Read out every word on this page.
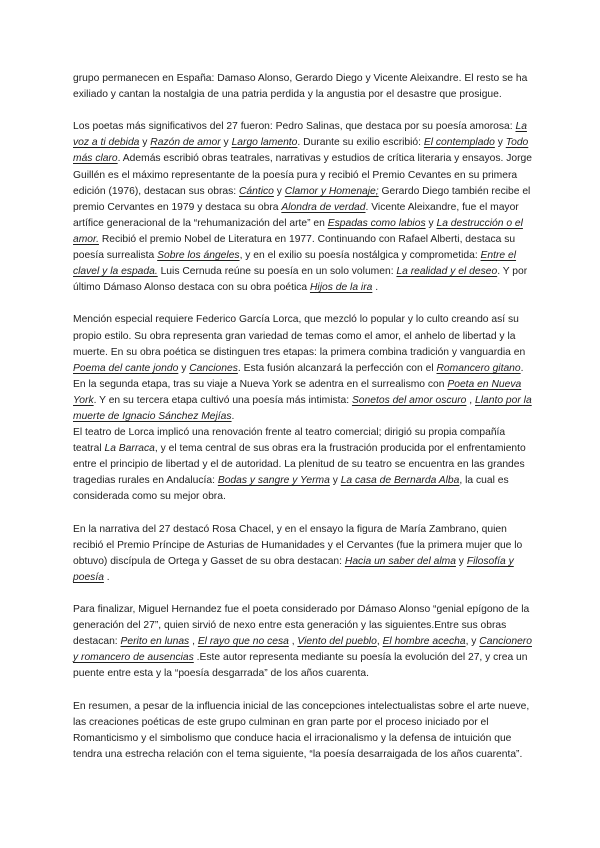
grupo permanecen en España: Damaso Alonso, Gerardo Diego y Vicente Aleixandre. El resto se ha exiliado y cantan la nostalgia de una patria perdida y la angustia por el desastre que prosigue.

Los poetas más significativos del 27 fueron: Pedro Salinas, que destaca por su poesía amorosa: La voz a ti debida y Razón de amor y Largo lamento. Durante su exilio escribió: El contemplado y Todo más claro. Además escribió obras teatrales, narrativas y estudios de crítica literaria y ensayos. Jorge Guillén es el máximo representante de la poesía pura y recibió el Premio Cevantes en su primera edición (1976), destacan sus obras: Cántico y Clamor y Homenaje; Gerardo Diego también recibe el premio Cervantes en 1979 y destaca su obra Alondra de verdad. Vicente Aleixandre, fue el mayor artífice generacional de la “rehumanización del arte” en Espadas como labios y La destrucción o el amor. Recibió el premio Nobel de Literatura en 1977. Continuando con Rafael Alberti, destaca su poesía surrealista Sobre los ángeles, y en el exilio su poesía nostálgica y comprometida: Entre el clavel y la espada. Luis Cernuda reúne su poesía en un solo volumen: La realidad y el deseo. Y por último Dámaso Alonso destaca con su obra poética Hijos de la ira .

Mención especial requiere Federico García Lorca, que mezcló lo popular y lo culto creando así su propio estilo. Su obra representa gran variedad de temas como el amor, el anhelo de libertad y la muerte. En su obra poética se distinguen tres etapas: la primera combina tradición y vanguardia en Poema del cante jondo y Canciones. Esta fusión alcanzará la perfección con el Romancero gitano. En la segunda etapa, tras su viaje a Nueva York se adentra en el surrealismo con Poeta en Nueva York. Y en su tercera etapa cultivó una poesía más intimista: Sonetos del amor oscuro , Llanto por la muerte de Ignacio Sánchez Mejías.

El teatro de Lorca implicó una renovación frente al teatro comercial; dirigió su propia compañía teatral La Barraca, y el tema central de sus obras era la frustración producida por el enfrentamiento entre el principio de libertad y el de autoridad. La plenitud de su teatro se encuentra en las grandes tragedias rurales en Andalucía: Bodas y sangre y Yerma y La casa de Bernarda Alba, la cual es considerada como su mejor obra.

En la narrativa del 27 destacó Rosa Chacel, y en el ensayo la figura de María Zambrano, quien recibió el Premio Príncipe de Asturias de Humanidades y el Cervantes (fue la primera mujer que lo obtuvo) discípula de Ortega y Gasset de su obra destacan: Hacia un saber del alma y Filosofía y poesía .

Para finalizar, Miguel Hernandez fue el poeta considerado por Dámaso Alonso “genial epígono de la generación del 27”, quien sirvió de nexo entre esta generación y las siguientes.Entre sus obras destacan: Perito en lunas , El rayo que no cesa , Viento del pueblo, El hombre acecha, y Cancionero y romancero de ausencias .Este autor representa mediante su poesía la evolución del 27, y crea un puente entre esta y la “poesía desgarrada” de los años cuarenta.

En resumen, a pesar de la influencia inicial de las concepciones intelectualistas sobre el arte nueve, las creaciones poéticas de este grupo culminan en gran parte por el proceso iniciado por el Romanticismo y el simbolismo que conduce hacia el irracionalismo y la defensa de intuición que tendra una estrecha relación con el tema siguiente, “la poesía desarraigada de los años cuarenta”.
